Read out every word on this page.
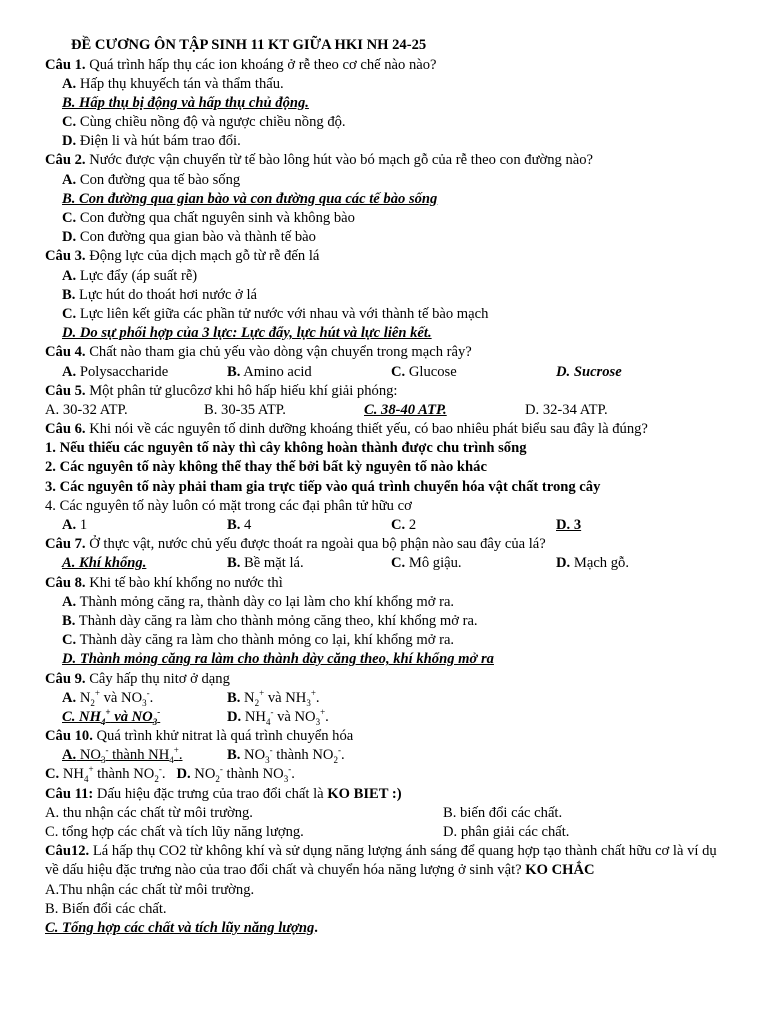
ĐỀ CƯƠNG ÔN TẬP SINH 11 KT GIỮA HKI NH 24-25
Câu 1. Quá trình hấp thụ các ion khoáng ở rễ theo cơ chế nào nào?
A. Hấp thụ khuyếch tán và thẩm thấu.
B. Hấp thụ bị động và hấp thụ chủ động.
C. Cùng chiều nồng độ và ngược chiều nồng độ.
D. Điện li và hút bám trao đổi.
Câu 2. Nước được vận chuyển từ tế bào lông hút vào bó mạch gỗ của rễ theo con đường nào?
A. Con đường qua tế bào sống
B. Con đường qua gian bào và con đường qua các tế bào sống
C. Con đường qua chất nguyên sinh và không bào
D. Con đường qua gian bào và thành tế bào
Câu 3. Động lực của dịch mạch gỗ từ rễ đến lá
A. Lực đẩy (áp suất rễ)
B. Lực hút do thoát hơi nước ở lá
C. Lực liên kết giữa các phần tử nước với nhau và với thành tế bào mạch
D. Do sự phối hợp của 3 lực: Lực đẩy, lực hút và lực liên kết.
Câu 4. Chất nào tham gia chủ yếu vào dòng vận chuyển trong mạch rây?
A. Polysaccharide	B. Amino acid	C. Glucose	D. Sucrose
Câu 5. Một phân tử glucôzơ khi hô hấp hiếu khí giải phóng:
A. 30-32 ATP.	B. 30-35 ATP.	C. 38-40 ATP.	D. 32-34 ATP.
Câu 6. Khi nói về các nguyên tố dinh dưỡng khoáng thiết yếu, có bao nhiêu phát biểu sau đây là đúng?
1. Nếu thiếu các nguyên tố này thì cây không hoàn thành được chu trình sống
2. Các nguyên tố này không thể thay thế bởi bất kỳ nguyên tố nào khác
3. Các nguyên tố này phải tham gia trực tiếp vào quá trình chuyển hóa vật chất trong cây
4. Các nguyên tố này luôn có mặt trong các đại phân tử hữu cơ
A. 1	B. 4	C. 2	D. 3
Câu 7. Ở thực vật, nước chủ yếu được thoát ra ngoài qua bộ phận nào sau đây của lá?
A. Khí khổng.	B. Bề mặt lá.	C. Mô giậu.	D. Mạch gỗ.
Câu 8. Khi tế bào khí khổng no nước thì
A. Thành mỏng căng ra, thành dày co lại làm cho khí khổng mở ra.
B. Thành dày căng ra làm cho thành mỏng căng theo, khí khổng mở ra.
C. Thành dày căng ra làm cho thành mỏng co lại, khí khổng mở ra.
D. Thành mỏng căng ra làm cho thành dày căng theo, khí khổng mở ra
Câu 9. Cây hấp thụ nitơ ở dạng
A. $N_2^+$ và $NO_3^-$.	B. $N_2^+$ và $NH_3^+$.
C. $NH_4^+$ và $NO_3^-$	D. $NH_4^-$ và $NO_3^+$.
Câu 10. Quá trình khử nitrat là quá trình chuyển hóa
A. $NO_3^-$ thành $NH_4^+$.	B. $NO_3^-$ thành $NO_2^-$.
C. $NH_4^+$ thành $NO_2^-$. D. $NO_2^-$ thành $NO_3^-$.
Câu 11: Dấu hiệu đặc trưng của trao đổi chất là KO BIET :)
A. thu nhận các chất từ môi trường.	B. biến đổi các chất.
C. tổng hợp các chất và tích lũy năng lượng.	D. phân giải các chất.
Câu12. Lá hấp thụ CO2 từ không khí và sử dụng năng lượng ánh sáng để quang hợp tạo thành chất hữu cơ là ví dụ về dấu hiệu đặc trưng nào của trao đổi chất và chuyển hóa năng lượng ở sinh vật? KO CHẮC
A.Thu nhận các chất từ môi trường.
B. Biến đổi các chất.
C. Tổng hợp các chất và tích lũy năng lượng.
